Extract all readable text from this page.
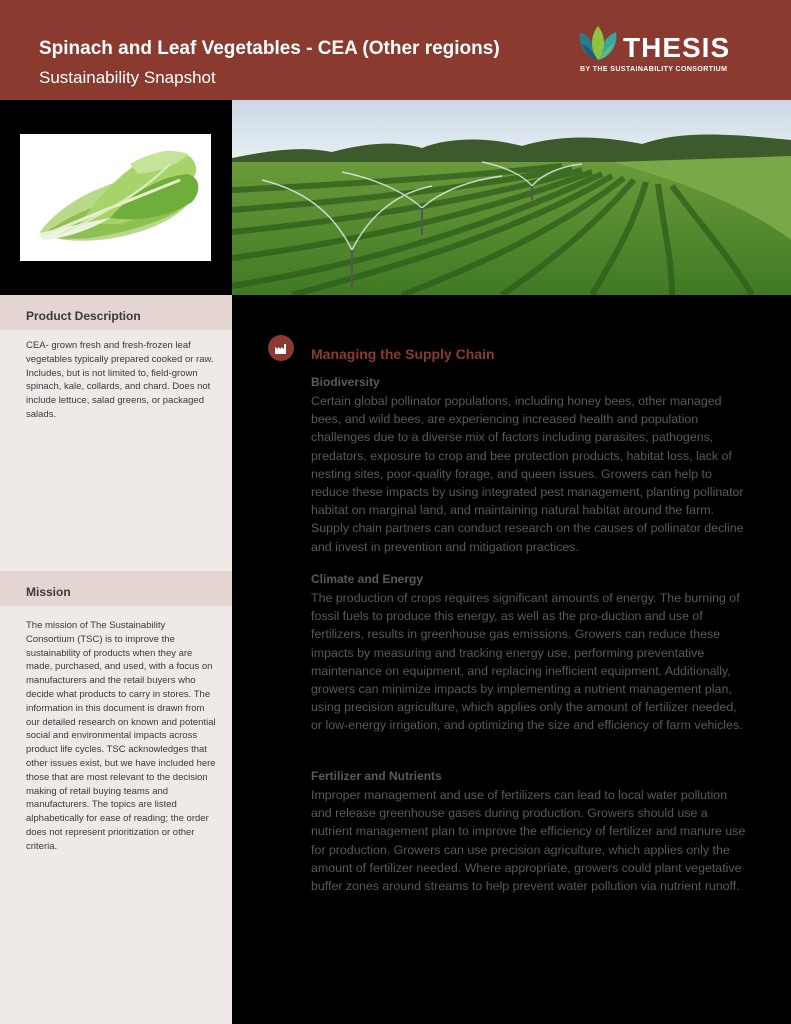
Spinach and Leaf Vegetables - CEA (Other regions)
Sustainability Snapshot
THESIS
BY THE SUSTAINABILITY CONSORTIUM
Product Description
CEA- grown fresh and fresh-frozen leaf vegetables typically prepared cooked or raw. Includes, but is not limited to, field-grown spinach, kale, collards, and chard. Does not include lettuce, salad greens, or packaged salads.
Mission
The mission of The Sustainability Consortium (TSC) is to improve the sustainability of products when they are made, purchased, and used, with a focus on manufacturers and the retail buyers who decide what products to carry in stores. The information in this document is drawn from our detailed research on known and potential social and environmental impacts across product life cycles. TSC acknowledges that other issues exist, but we have included here those that are most relevant to the decision making of retail buying teams and manufacturers. The topics are listed alphabetically for ease of reading; the order does not represent prioritization or other criteria.
Managing the Supply Chain
Biodiversity
Certain global pollinator populations, including honey bees, other managed bees, and wild bees, are experiencing increased health and population challenges due to a diverse mix of factors including parasites, pathogens, predators, exposure to crop and bee protection products, habitat loss, lack of nesting sites, poor-quality forage, and queen issues. Growers can help to reduce these impacts by using integrated pest management, planting pollinator habitat on marginal land, and maintaining natural habitat around the farm. Supply chain partners can conduct research on the causes of pollinator decline and invest in prevention and mitigation practices.
Climate and Energy
The production of crops requires significant amounts of energy. The burning of fossil fuels to produce this energy, as well as the pro-duction and use of fertilizers, results in greenhouse gas emissions. Growers can reduce these impacts by measuring and tracking energy use, performing preventative maintenance on equipment, and replacing inefficient equipment. Additionally, growers can minimize impacts by implementing a nutrient management plan, using precision agriculture, which applies only the amount of fertilizer needed, or low-energy irrigation, and optimizing the size and efficiency of farm vehicles.
Fertilizer and Nutrients
Improper management and use of fertilizers can lead to local water pollution and release greenhouse gases during production. Growers should use a nutrient management plan to improve the efficiency of fertilizer and manure use for production. Growers can use precision agriculture, which applies only the amount of fertilizer needed. Where appropriate, growers could plant vegetative buffer zones around streams to help prevent water pollution via nutrient runoff.
